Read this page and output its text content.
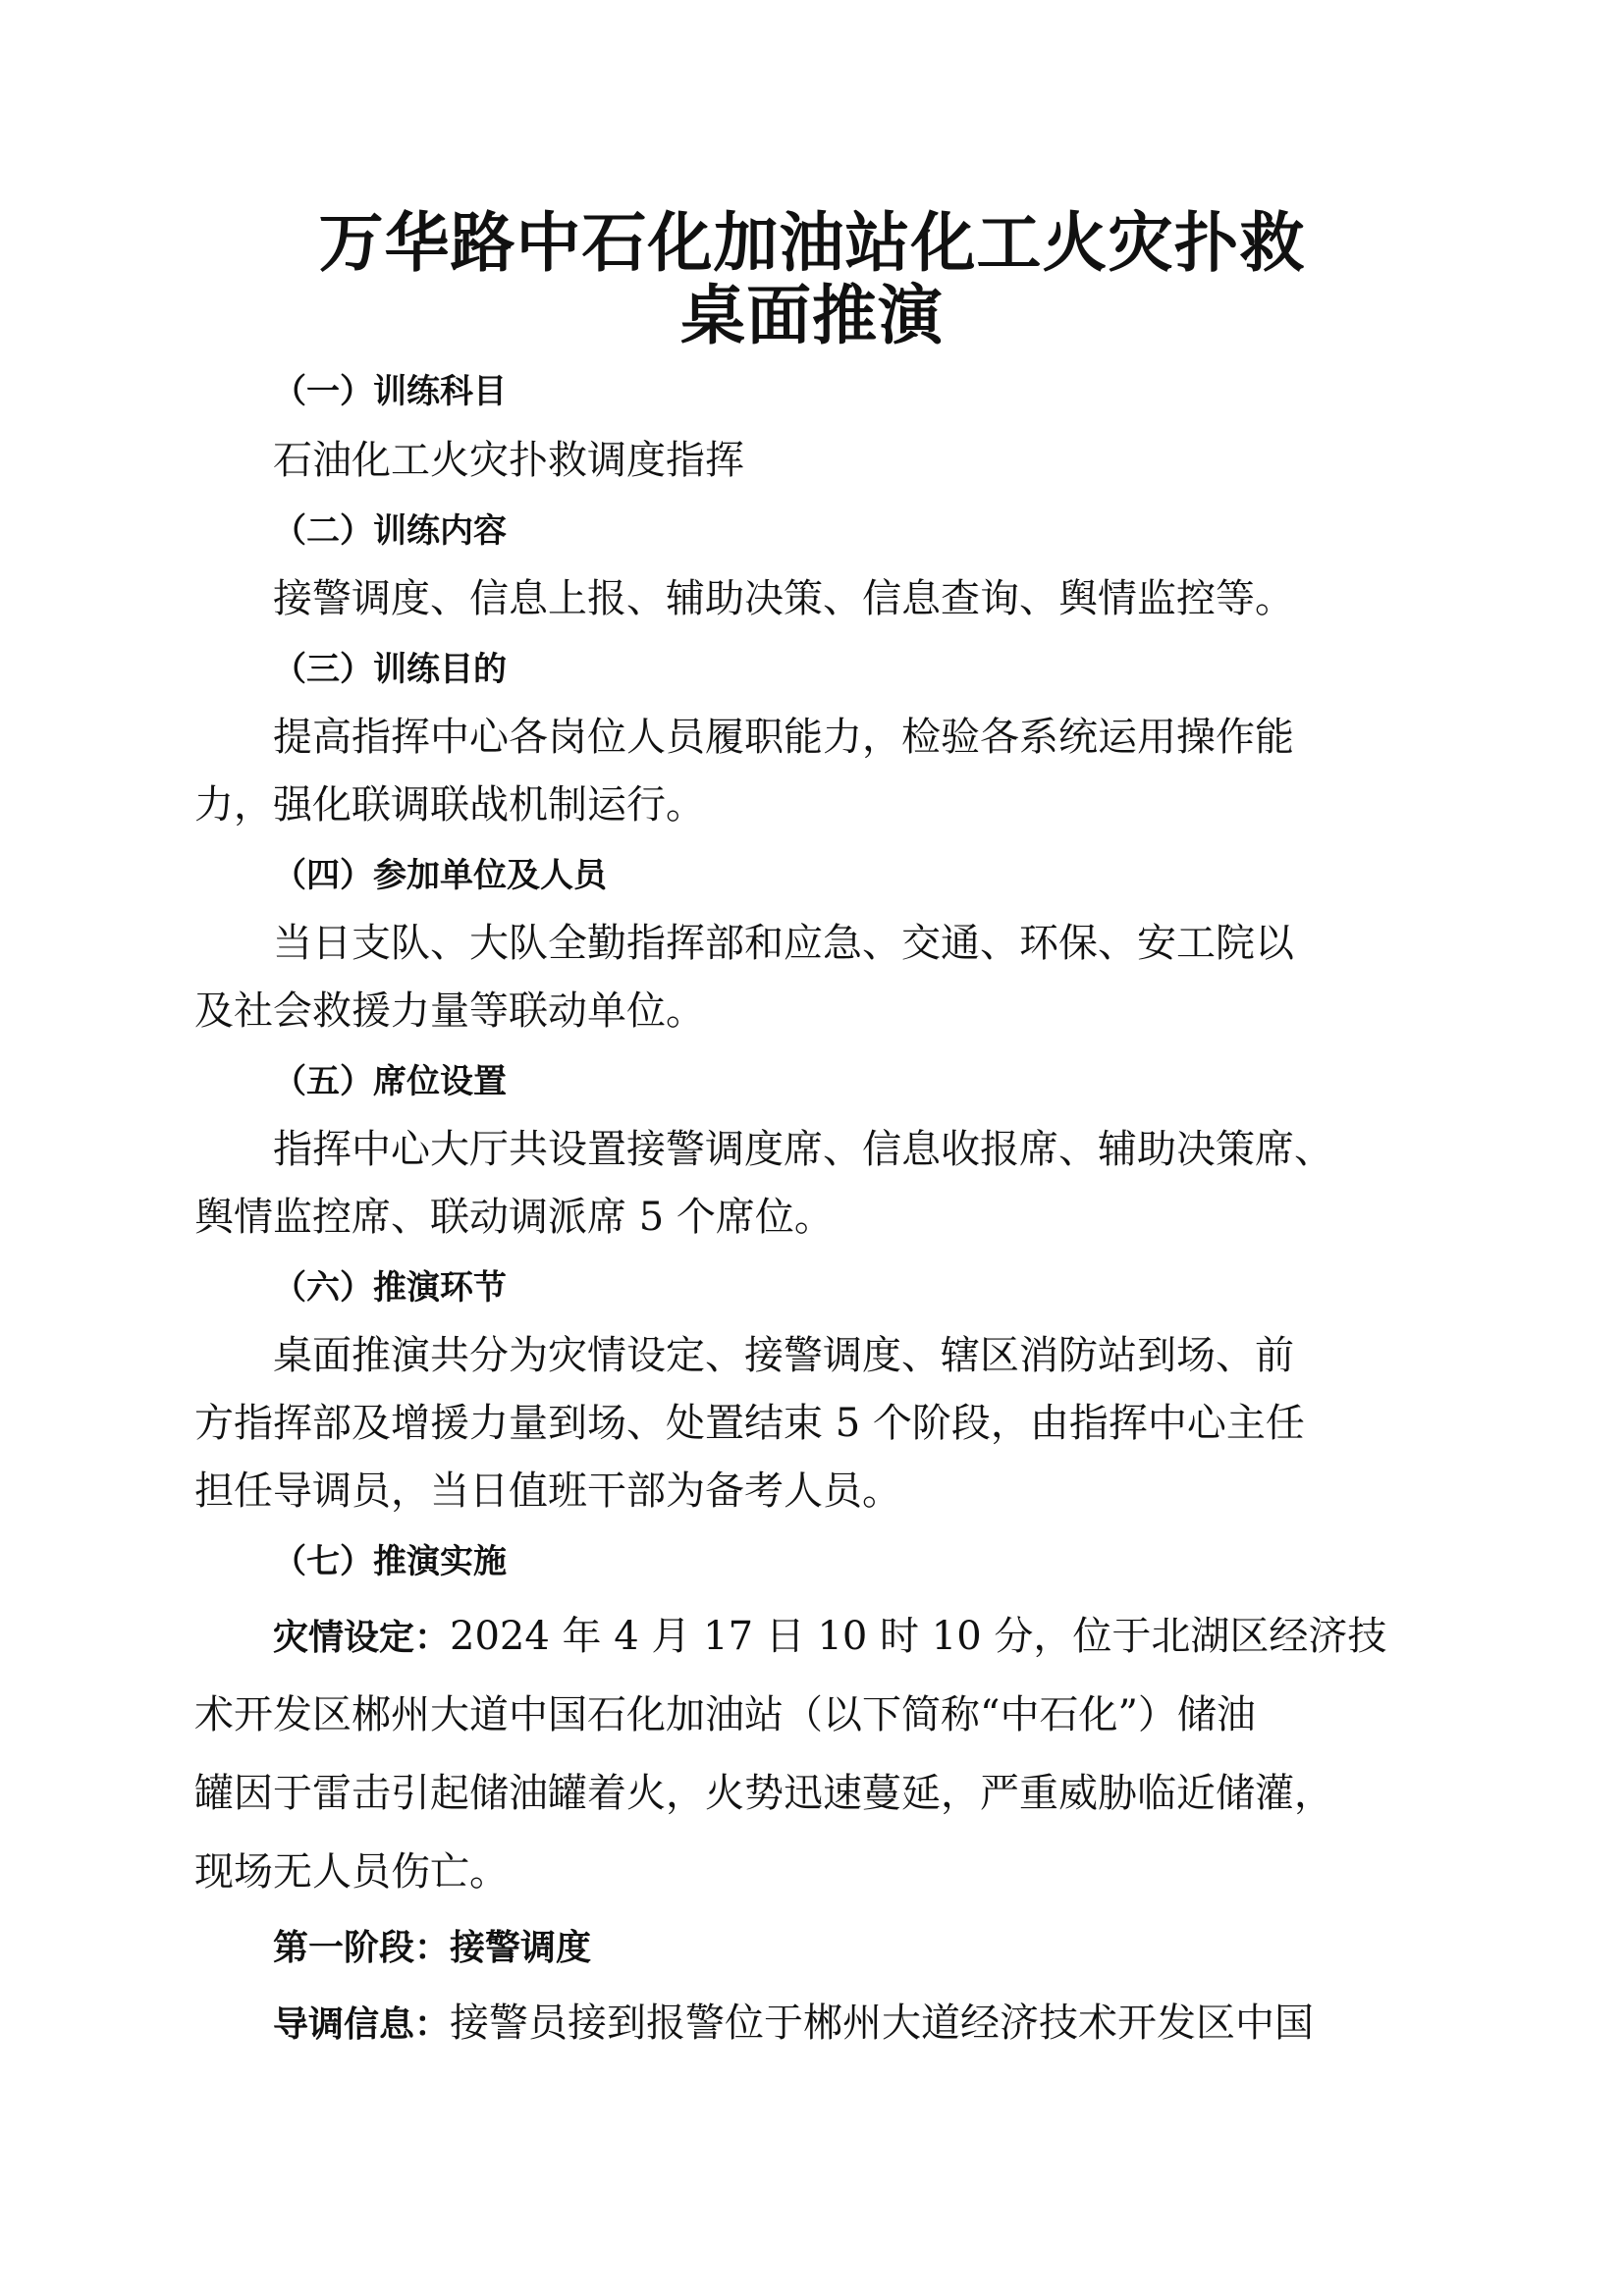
万华路中石化加油站化工火灾扑救
桌面推演

（一）训练科目

石油化工火灾扑救调度指挥

（二）训练内容

接警调度、信息上报、辅助决策、信息查询、舆情监控等。

（三）训练目的

提高指挥中心各岗位人员履职能力，检验各系统运用操作能

力，强化联调联战机制运行。

（四）参加单位及人员

当日支队、大队全勤指挥部和应急、交通、环保、安工院以

及社会救援力量等联动单位。

（五）席位设置

指挥中心大厅共设置接警调度席、信息收报席、辅助决策席、

舆情监控席、联动调派席 5 个席位。

（六）推演环节

桌面推演共分为灾情设定、接警调度、辖区消防站到场、前

方指挥部及增援力量到场、处置结束 5 个阶段，由指挥中心主任

担任导调员，当日值班干部为备考人员。

（七）推演实施

灾情设定：2024 年 4 月 17 日 10 时 10 分，位于北湖区经济技

术开发区郴州大道中国石化加油站（以下简称“中石化”）储油

罐因于雷击引起储油罐着火，火势迅速蔓延，严重威胁临近储灌，

现场无人员伤亡。

第一阶段：接警调度

导调信息：接警员接到报警位于郴州大道经济技术开发区中国
